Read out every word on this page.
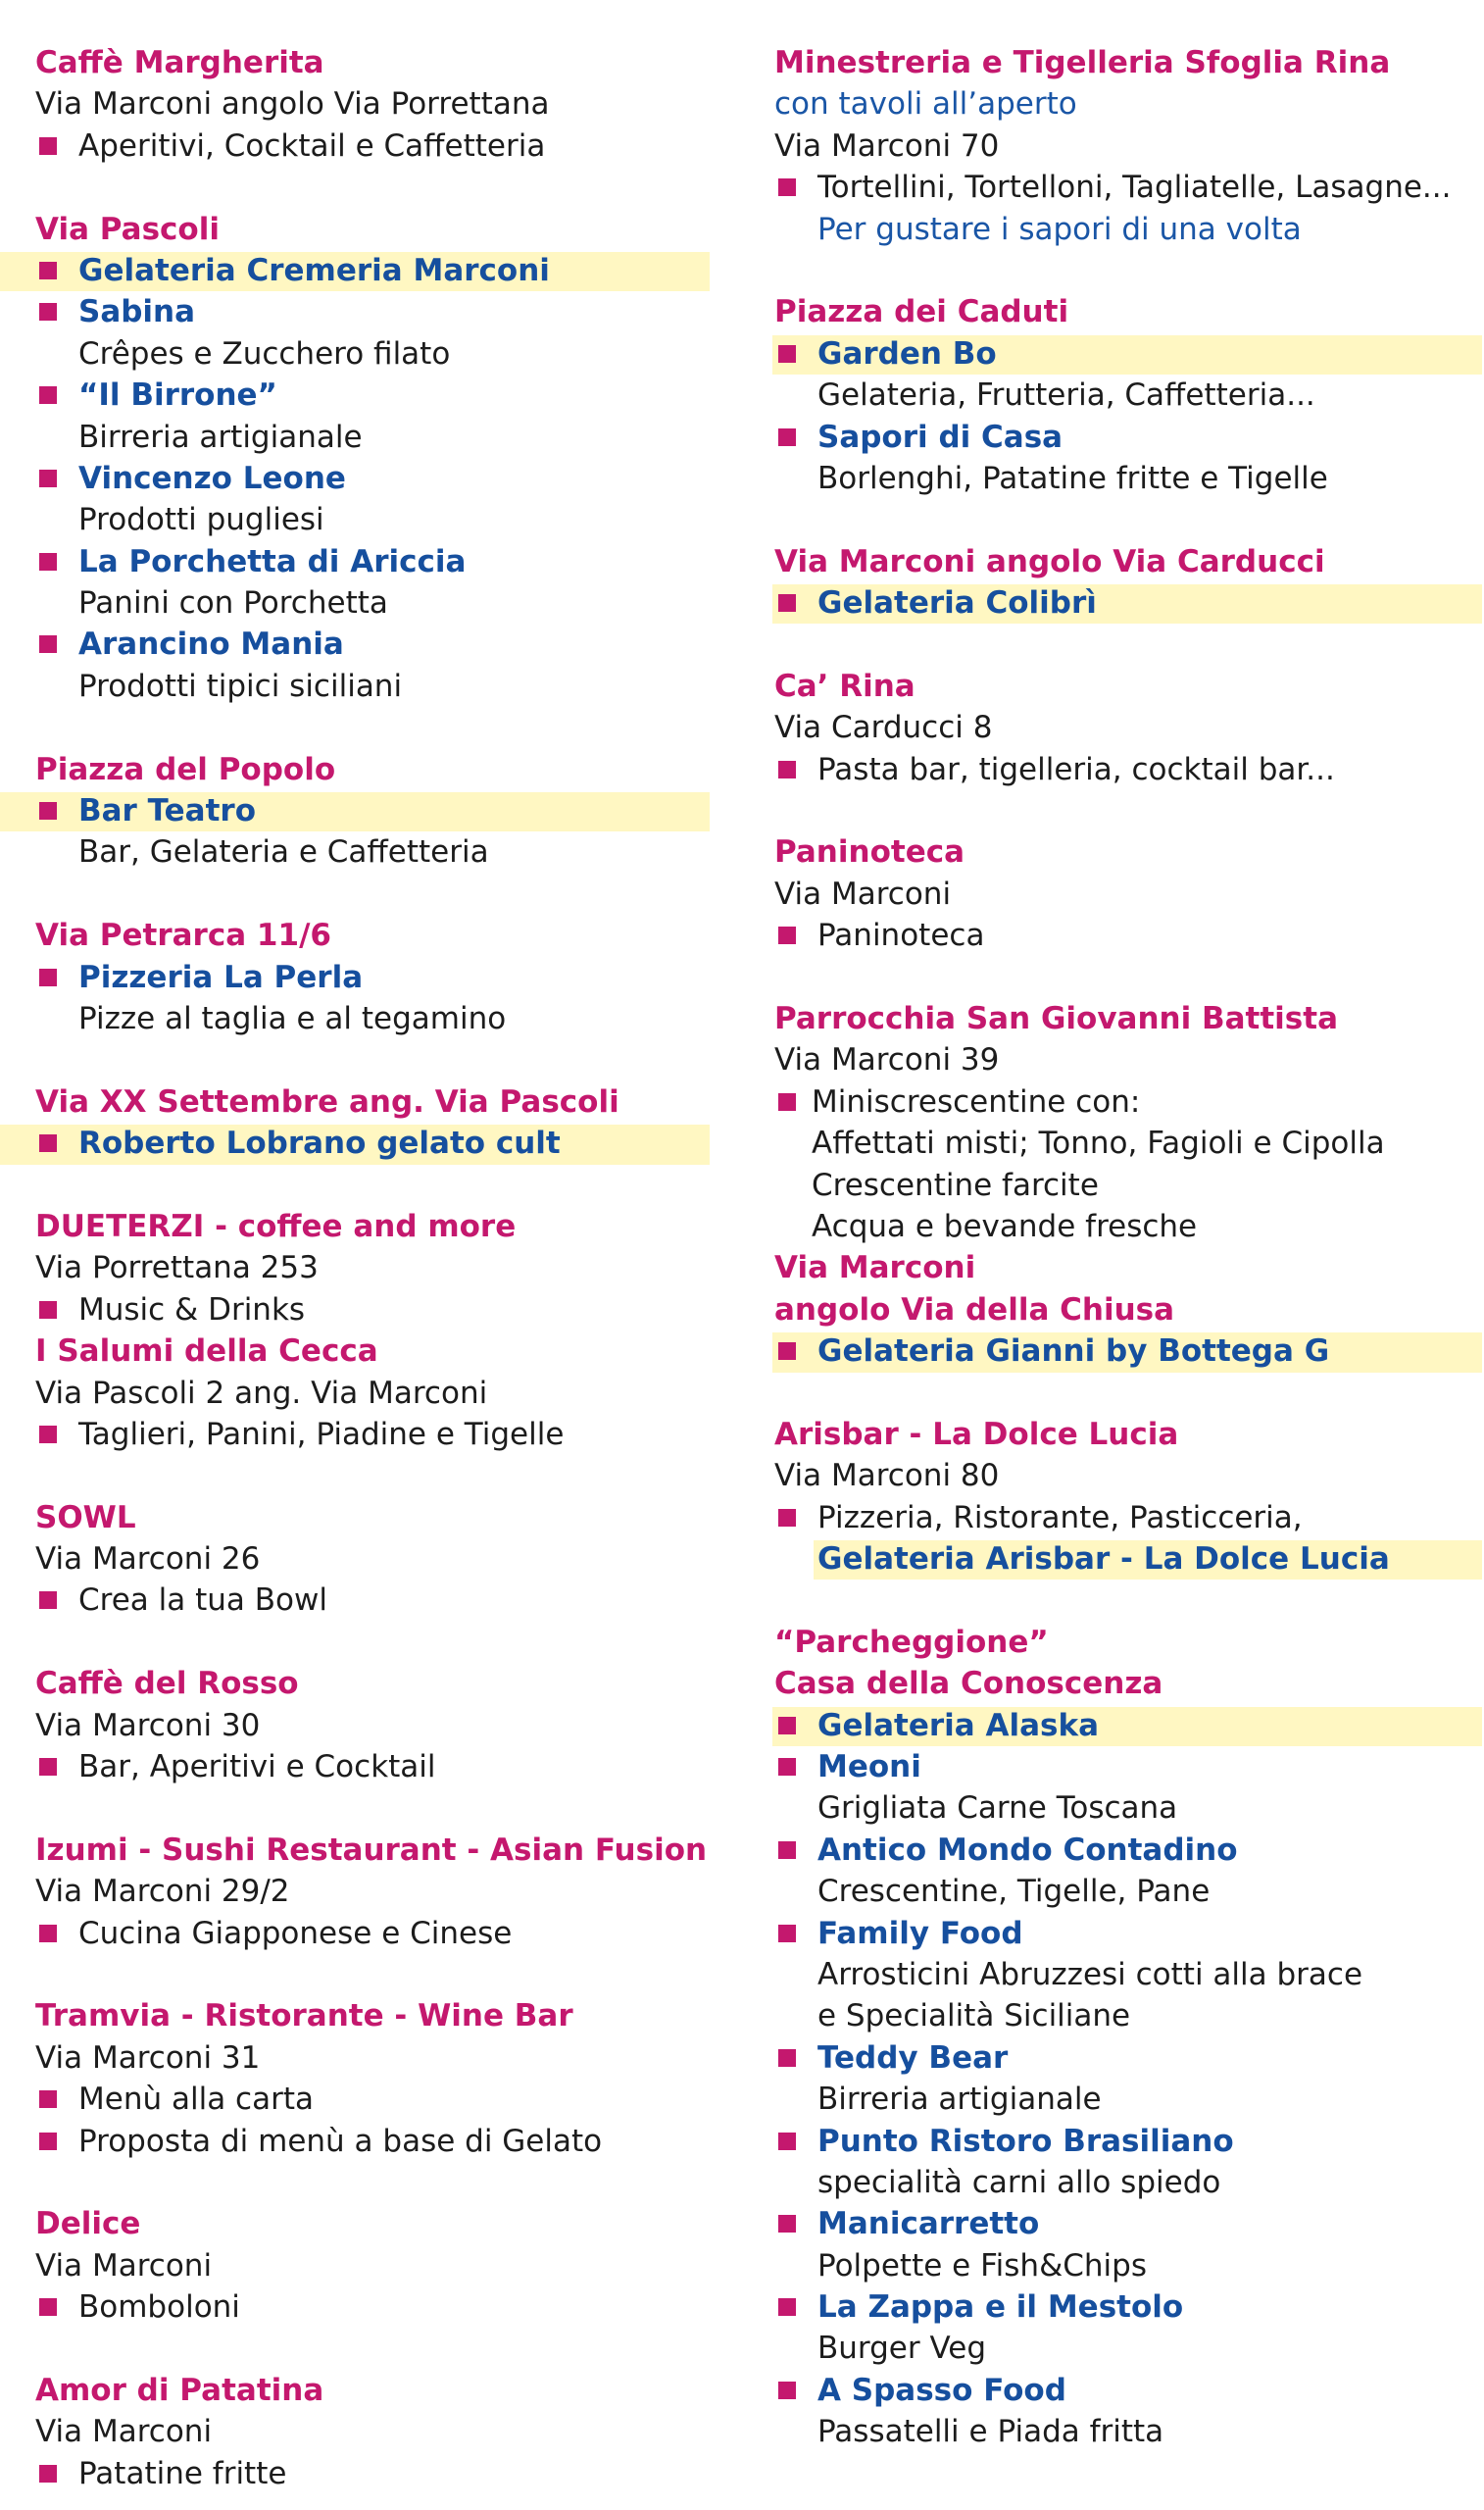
Caffè Margherita
Via Marconi angolo Via Porrettana
Aperitivi, Cocktail e Caffetteria
Via Pascoli
Gelateria Cremeria Marconi
Sabina
Crêpes e Zucchero filato
“Il Birrone”
Birreria artigianale
Vincenzo Leone
Prodotti pugliesi
La Porchetta di Ariccia
Panini con Porchetta
Arancino Mania
Prodotti tipici siciliani
Piazza del Popolo
Bar Teatro
Bar, Gelateria e Caffetteria
Via Petrarca 11/6
Pizzeria La Perla
Pizze al taglia e al tegamino
Via XX Settembre ang. Via Pascoli
Roberto Lobrano gelato cult
DUETERZI - coffee and more
Via Porrettana 253
Music & Drinks
I Salumi della Cecca
Via Pascoli 2 ang. Via Marconi
Taglieri, Panini, Piadine e Tigelle
SOWL
Via Marconi 26
Crea la tua Bowl
Caffè del Rosso
Via Marconi 30
Bar, Aperitivi e Cocktail
Izumi - Sushi Restaurant - Asian Fusion
Via Marconi 29/2
Cucina Giapponese e Cinese
Tramvia - Ristorante - Wine Bar
Via Marconi 31
Menù alla carta
Proposta di menù a base di Gelato
Delice
Via Marconi
Bomboloni
Amor di Patatina
Via Marconi
Patatine fritte
Minestreria e Tigelleria Sfoglia Rina
con tavoli all’aperto
Via Marconi 70
Tortellini, Tortelloni, Tagliatelle, Lasagne...
Per gustare i sapori di una volta
Piazza dei Caduti
Garden Bo
Gelateria, Frutteria, Caffetteria...
Sapori di Casa
Borlenghi, Patatine fritte e Tigelle
Via Marconi angolo Via Carducci
Gelateria Colibrì
Ca’ Rina
Via Carducci 8
Pasta bar, tigelleria, cocktail bar...
Paninoteca
Via Marconi
Paninoteca
Parrocchia San Giovanni Battista
Via Marconi 39
Miniscrescentine con:
Affettati misti; Tonno, Fagioli e Cipolla
Crescentine farcite
Acqua e bevande fresche
Via Marconi
angolo Via della Chiusa
Gelateria Gianni by Bottega G
Arisbar - La Dolce Lucia
Via Marconi 80
Pizzeria, Ristorante, Pasticceria,
Gelateria Arisbar - La Dolce Lucia
“Parcheggione”
Casa della Conoscenza
Gelateria Alaska
Meoni
Grigliata Carne Toscana
Antico Mondo Contadino
Crescentine, Tigelle, Pane
Family Food
Arrosticini Abruzzesi cotti alla brace
e Specialità Siciliane
Teddy Bear
Birreria artigianale
Punto Ristoro Brasiliano
specialità carni allo spiedo
Manicarretto
Polpette e Fish&Chips
La Zappa e il Mestolo
Burger Veg
A Spasso Food
Passatelli e Piada fritta
